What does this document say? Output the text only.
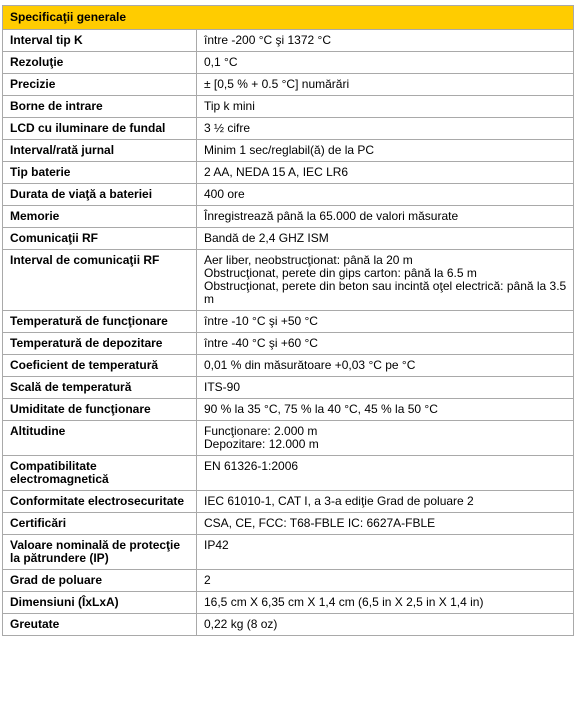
Specificaţii generale	
Interval tip K	între -200 °C şi 1372 °C

Rezoluţie	0,1 °C

Precizie	± [0,5 % + 0.5 °C] numărări

Borne de intrare	Tip k mini

LCD cu iluminare de fundal	3 ½ cifre

Interval/rată jurnal	Minim 1 sec/reglabil(ă) de la PC

Tip baterie	2 AA, NEDA 15 A, IEC LR6

Durata de viaţă a bateriei	400 ore

Memorie	Înregistrează până la 65.000 de valori măsurate

Comunicaţii RF	Bandă de 2,4 GHZ ISM

Interval de comunicaţii RF	Aer liber, neobstrucţionat: până la 20 m
Obstrucţionat, perete din gips carton: până la 6.5 m
Obstrucţionat, perete din beton sau incintă oţel electrică: până la 3.5 m

Temperatură de funcţionare	între -10 °C şi +50 °C

Temperatură de depozitare	între -40 °C şi +60 °C

Coeficient de temperatură	0,01 % din măsurătoare +0,03 °C pe °C

Scală de temperatură	ITS-90

Umiditate de funcţionare	90 % la 35 °C, 75 % la 40 °C, 45 % la 50 °C

Altitudine	Funcţionare: 2.000 m
Depozitare: 12.000 m

Compatibilitate electromagnetică	EN 61326-1:2006

Conformitate electrosecuritate	IEC 61010-1, CAT I, a 3-a ediţie Grad de poluare 2

Certificări	CSA, CE, FCC: T68-FBLE IC: 6627A-FBLE

Valoare nominală de protecţie la pătrundere (IP)	IP42

Grad de poluare	2

Dimensiuni (ÎxLxA)	16,5 cm X 6,35 cm X 1,4 cm (6,5 in X 2,5 in X 1,4 in)

Greutate	0,22 kg (8 oz)
